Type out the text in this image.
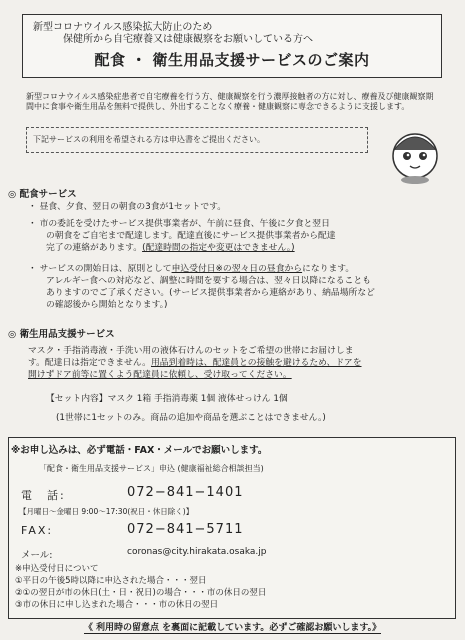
新型コロナウイルス感染拡大防止のため
保健所から自宅療養又は健康観察をお願いしている方へ
配食 ・ 衛生用品支援サービスのご案内
新型コロナウイルス感染症患者で自宅療養を行う方、健康観察を行う濃厚接触者の方に対し、療養及び健康観察期間中に食事や衛生用品を無料で提供し、外出することなく療養・健康観察に専念できるように支援します。
下記サービスの利用を希望される方は申込書をご提出ください。
◎ 配食サービス
・ 昼食、夕食、翌日の朝食の3食が1セットです。
・ 市の委託を受けたサービス提供事業者が、午前に昼食、午後に夕食と翌日
の朝食をご自宅まで配達します。配達直後にサービス提供事業者から配達
完了の連絡があります。(配達時間の指定や変更はできません。)
・ サービスの開始日は、原則として申込受付日※の翌々日の昼食からになります。
アレルギー食への対応など、調整に時間を要する場合は、翌々日以降になることも
ありますのでご了承ください。(サービス提供事業者から連絡があり、納品場所など
の確認後から開始となります。)
◎ 衛生用品支援サービス
マスク・手指消毒液・手洗い用の液体石けんのセットをご希望の世帯にお届けしま
す。配達日は指定できません。用品到着時は、配達員との接触を避けるため、ドアを
開けずドア前等に置くよう配達員に依頼し、受け取ってください。
【セット内容】マスク 1箱 手指消毒薬 1個 液体せっけん 1個
(1世帯に1セットのみ。商品の追加や商品を選ぶことはできません。)
※お申し込みは、必ず電話・FAX・メールでお願いします。
「配食・衛生用品支援サービス」申込 (健康福祉総合相談担当)
電　話:	072−841−1401
【月曜日〜金曜日 9:00〜17:30(祝日・休日除く)】
FAX:	072−841−5711
メール:	coronas@city.hirakata.osaka.jp
※申込受付日について
①平日の午後5時以降に申込された場合・・・翌日
②①の翌日が市の休日(土・日・祝日)の場合・・・市の休日の翌日
③市の休日に申し込まれた場合・・・市の休日の翌日
《 利用時の留意点 を裏面に記載しています。必ずご確認お願いします。》
